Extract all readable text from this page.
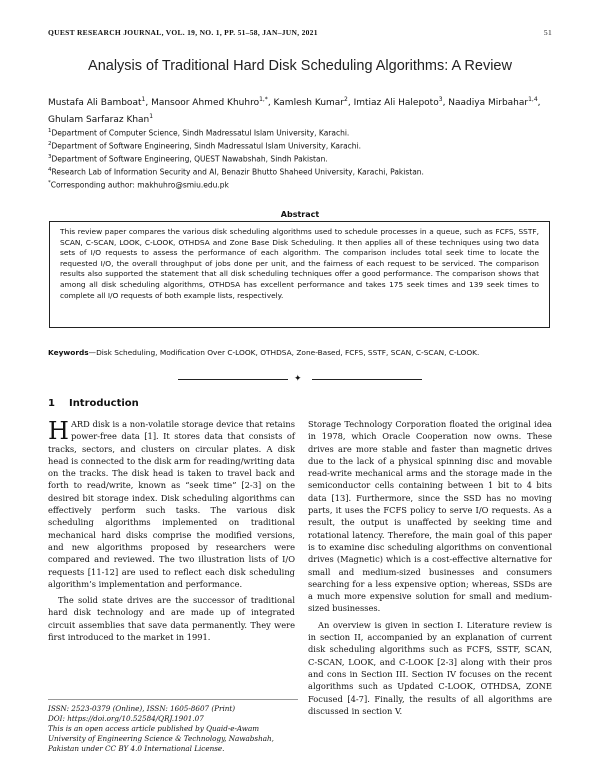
QUEST RESEARCH JOURNAL, VOL. 19, NO. 1, PP. 51–58, JAN–JUN, 2021	51
Analysis of Traditional Hard Disk Scheduling Algorithms: A Review
Mustafa Ali Bamboat$^1$, Mansoor Ahmed Khuhro$^{1,*}$, Kamlesh Kumar$^2$, Imtiaz Ali Halepoto$^3$, Naadiya Mirbahar$^{1,4}$, Ghulam Sarfaraz Khan$^1$
$^1$Department of Computer Science, Sindh Madressatul Islam University, Karachi.
$^2$Department of Software Engineering, Sindh Madressatul Islam University, Karachi.
$^3$Department of Software Engineering, QUEST Nawabshah, Sindh Pakistan.
$^4$Research Lab of Information Security and AI, Benazir Bhutto Shaheed University, Karachi, Pakistan.
*Corresponding author: makhuhro@smiu.edu.pk
Abstract
This review paper compares the various disk scheduling algorithms used to schedule processes in a queue, such as FCFS, SSTF, SCAN, C-SCAN, LOOK, C-LOOK, OTHDSA and Zone Base Disk Scheduling. It then applies all of these techniques using two data sets of I/O requests to assess the performance of each algorithm. The comparison includes total seek time to locate the requested I/O, the overall throughput of jobs done per unit, and the fairness of each request to be serviced. The comparison results also supported the statement that all disk scheduling techniques offer a good performance. The comparison shows that among all disk scheduling algorithms, OTHDSA has excellent performance and takes 175 seek times and 139 seek times to complete all I/O requests of both example lists, respectively.
Keywords—Disk Scheduling, Modification Over C-LOOK, OTHDSA, Zone-Based, FCFS, SSTF, SCAN, C-SCAN, C-LOOK.
✦
1 Introduction

HARD disk is a non-volatile storage device that retains power-free data [1]. It stores data that consists of tracks, sectors, and clusters on circular plates. A disk head is connected to the disk arm for reading/writing data on the tracks. The disk head is taken to travel back and forth to read/write, known as “seek time” [2-3] on the desired bit storage index. Disk scheduling algorithms can effectively perform such tasks. The various disk scheduling algorithms implemented on traditional mechanical hard disks comprise the modified versions, and new algorithms proposed by researchers were compared and reviewed. The two illustration lists of I/O requests [11-12] are used to reflect each disk scheduling algorithm’s implementation and performance.

The solid state drives are the successor of traditional hard disk technology and are made up of integrated circuit assemblies that save data permanently. They were first introduced to the market in 1991.

Storage Technology Corporation floated the original idea in 1978, which Oracle Cooperation now owns. These drives are more stable and faster than magnetic drives due to the lack of a physical spinning disc and movable read-write mechanical arms and the storage made in the semiconductor cells containing between 1 bit to 4 bits data [13]. Furthermore, since the SSD has no moving parts, it uses the FCFS policy to serve I/O requests. As a result, the output is unaffected by seeking time and rotational latency. Therefore, the main goal of this paper is to examine disc scheduling algorithms on conventional drives (Magnetic) which is a cost-effective alternative for small and medium-sized businesses and consumers searching for a less expensive option; whereas, SSDs are a much more expensive solution for small and medium-sized businesses.

An overview is given in section I. Literature review is in section II, accompanied by an explanation of current disk scheduling algorithms such as FCFS, SSTF, SCAN, C-SCAN, LOOK, and C-LOOK [2-3] along with their pros and cons in Section III. Section IV focuses on the recent algorithms such as Updated C-LOOK, OTHDSA, ZONE Focused [4-7]. Finally, the results of all algorithms are discussed in section V.

ISSN: 2523-0379 (Online), ISSN: 1605-8607 (Print)
DOI: https://doi.org/10.52584/QRJ.1901.07
This is an open access article published by Quaid-e-Awam University of Engineering Science & Technology, Nawabshah, Pakistan under CC BY 4.0 International License.
